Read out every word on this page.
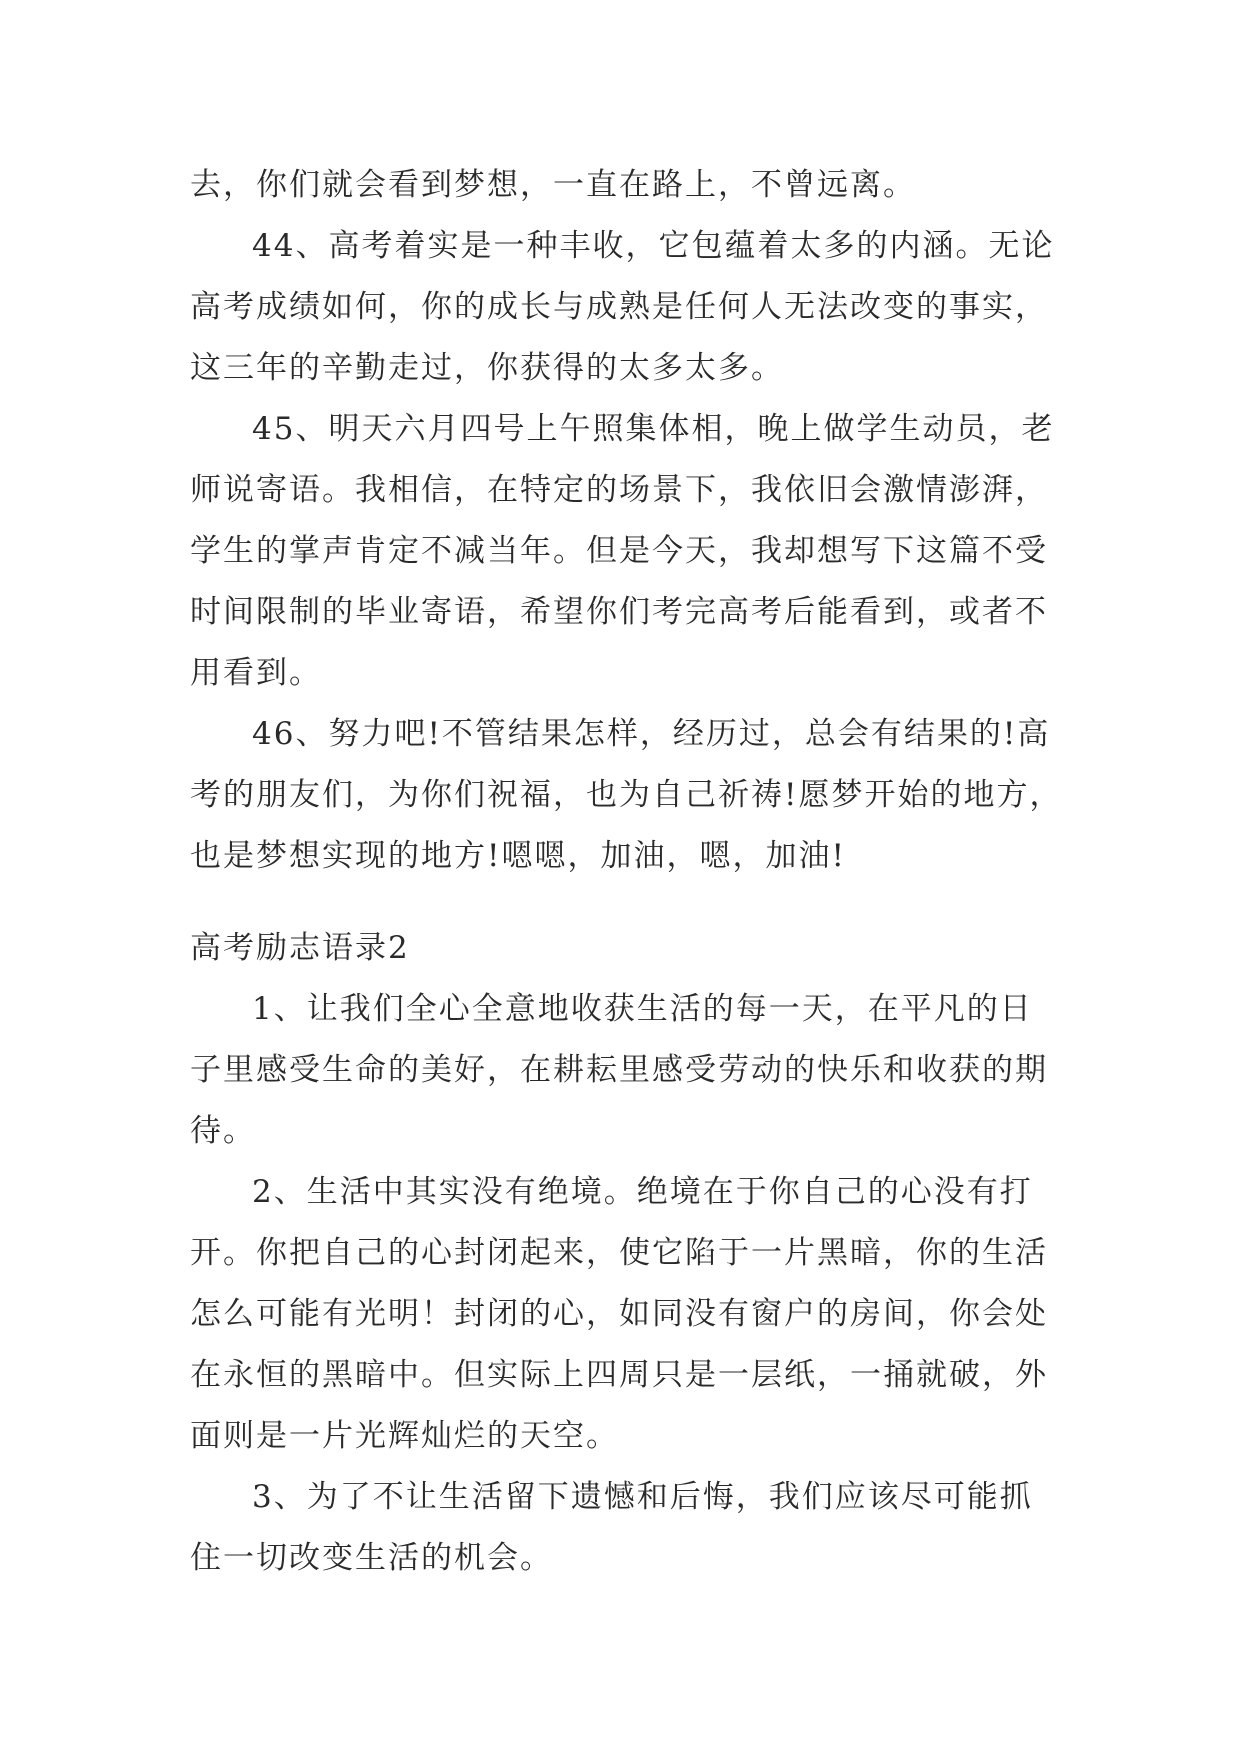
去，你们就会看到梦想，一直在路上，不曾远离。
44、高考着实是一种丰收，它包蕴着太多的内涵。无论
高考成绩如何，你的成长与成熟是任何人无法改变的事实，
这三年的辛勤走过，你获得的太多太多。
45、明天六月四号上午照集体相，晚上做学生动员，老
师说寄语。我相信，在特定的场景下，我依旧会激情澎湃，
学生的掌声肯定不减当年。但是今天，我却想写下这篇不受
时间限制的毕业寄语，希望你们考完高考后能看到，或者不
用看到。
46、努力吧!不管结果怎样，经历过，总会有结果的!高
考的朋友们，为你们祝福，也为自己祈祷!愿梦开始的地方，
也是梦想实现的地方!嗯嗯，加油，嗯，加油!
高考励志语录2
1、让我们全心全意地收获生活的每一天，在平凡的日
子里感受生命的美好，在耕耘里感受劳动的快乐和收获的期
待。
2、生活中其实没有绝境。绝境在于你自己的心没有打
开。你把自己的心封闭起来，使它陷于一片黑暗，你的生活
怎么可能有光明！封闭的心，如同没有窗户的房间，你会处
在永恒的黑暗中。但实际上四周只是一层纸，一捅就破，外
面则是一片光辉灿烂的天空。
3、为了不让生活留下遗憾和后悔，我们应该尽可能抓
住一切改变生活的机会。
